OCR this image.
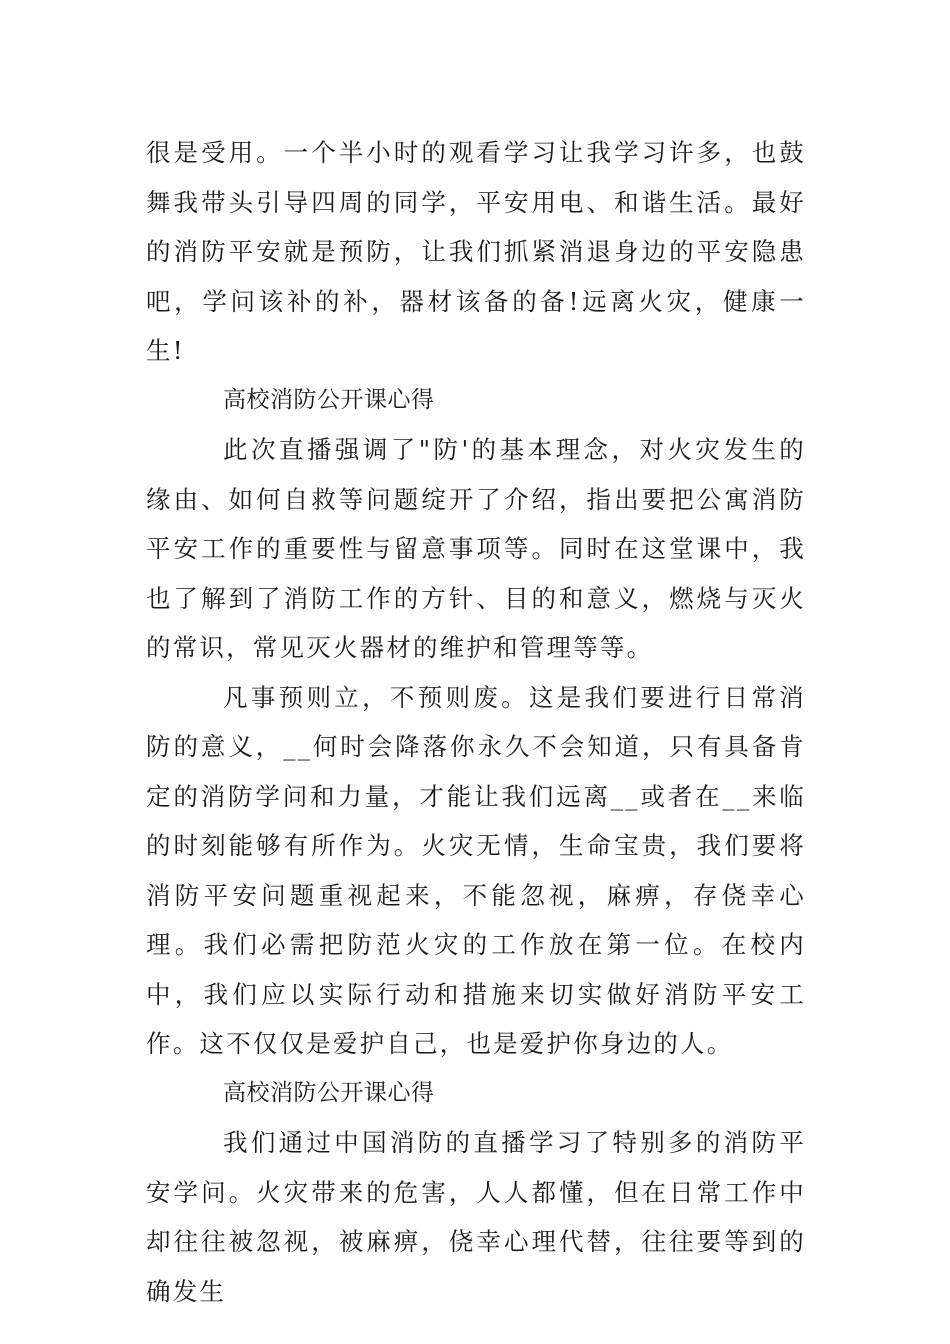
很是受用。一个半小时的观看学习让我学习许多，也鼓舞我带头引导四周的同学，平安用电、和谐生活。最好的消防平安就是预防，让我们抓紧消退身边的平安隐患吧，学问该补的补，器材该备的备!远离火灾，健康一生!

高校消防公开课心得

此次直播强调了"防'的基本理念，对火灾发生的缘由、如何自救等问题绽开了介绍，指出要把公寓消防平安工作的重要性与留意事项等。同时在这堂课中，我也了解到了消防工作的方针、目的和意义，燃烧与灭火的常识，常见灭火器材的维护和管理等等。

凡事预则立，不预则废。这是我们要进行日常消防的意义，__何时会降落你永久不会知道，只有具备肯定的消防学问和力量，才能让我们远离__或者在__来临的时刻能够有所作为。火灾无情，生命宝贵，我们要将消防平安问题重视起来，不能忽视，麻痹，存侥幸心理。我们必需把防范火灾的工作放在第一位。在校内中，我们应以实际行动和措施来切实做好消防平安工作。这不仅仅是爱护自己，也是爱护你身边的人。

高校消防公开课心得

我们通过中国消防的直播学习了特别多的消防平安学问。火灾带来的危害，人人都懂，但在日常工作中却往往被忽视，被麻痹，侥幸心理代替，往往要等到的确发生
